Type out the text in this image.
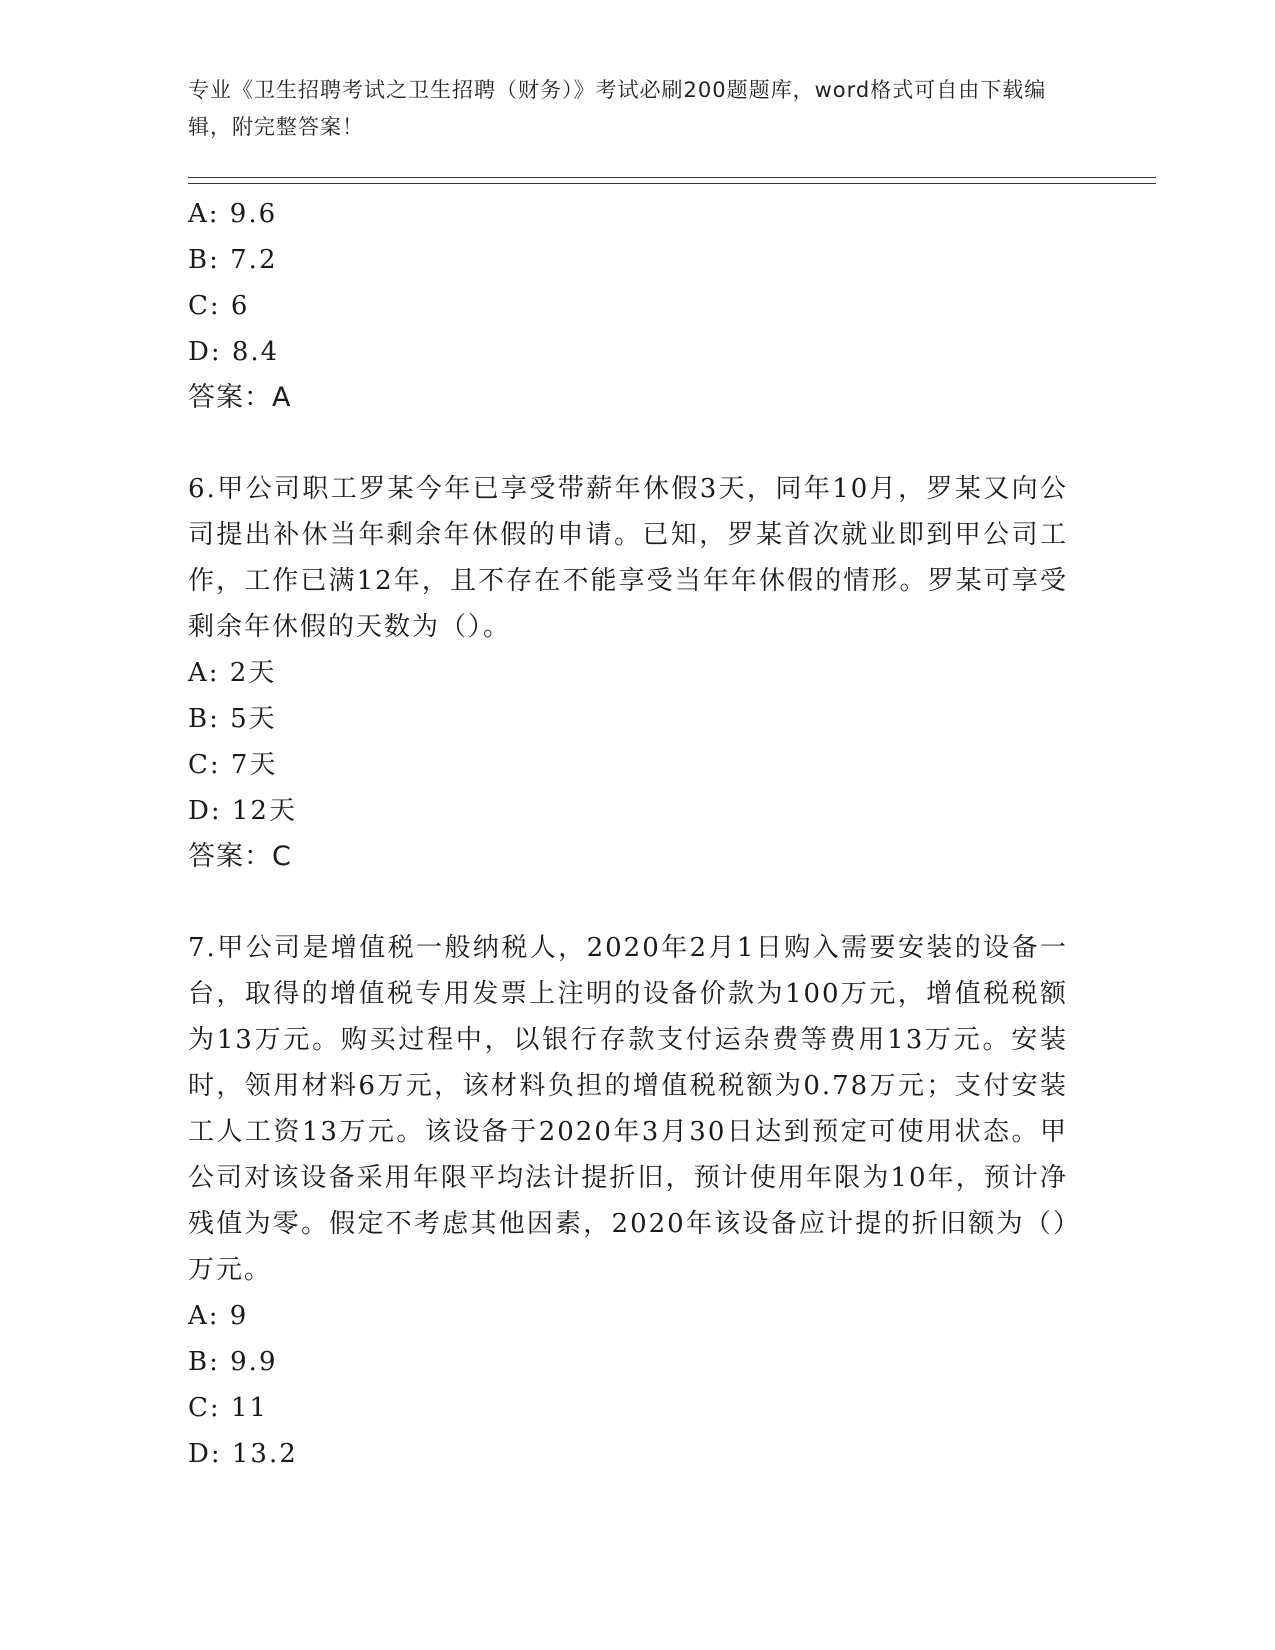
专业《卫生招聘考试之卫生招聘（财务）》考试必刷200题题库，word格式可自由下载编辑，附完整答案！
A: 9.6
B: 7.2
C: 6
D: 8.4
答案：A
6.甲公司职工罗某今年已享受带薪年休假3天，同年10月，罗某又向公司提出补休当年剩余年休假的申请。已知，罗某首次就业即到甲公司工作，工作已满12年，且不存在不能享受当年年休假的情形。罗某可享受剩余年休假的天数为（）。
A: 2天
B: 5天
C: 7天
D: 12天
答案：C
7.甲公司是增值税一般纳税人，2020年2月1日购入需要安装的设备一台，取得的增值税专用发票上注明的设备价款为100万元，增值税税额为13万元。购买过程中，以银行存款支付运杂费等费用13万元。安装时，领用材料6万元，该材料负担的增值税税额为0.78万元；支付安装工人工资13万元。该设备于2020年3月30日达到预定可使用状态。甲公司对该设备采用年限平均法计提折旧，预计使用年限为10年，预计净残值为零。假定不考虑其他因素，2020年该设备应计提的折旧额为（）万元。
A: 9
B: 9.9
C: 11
D: 13.2
